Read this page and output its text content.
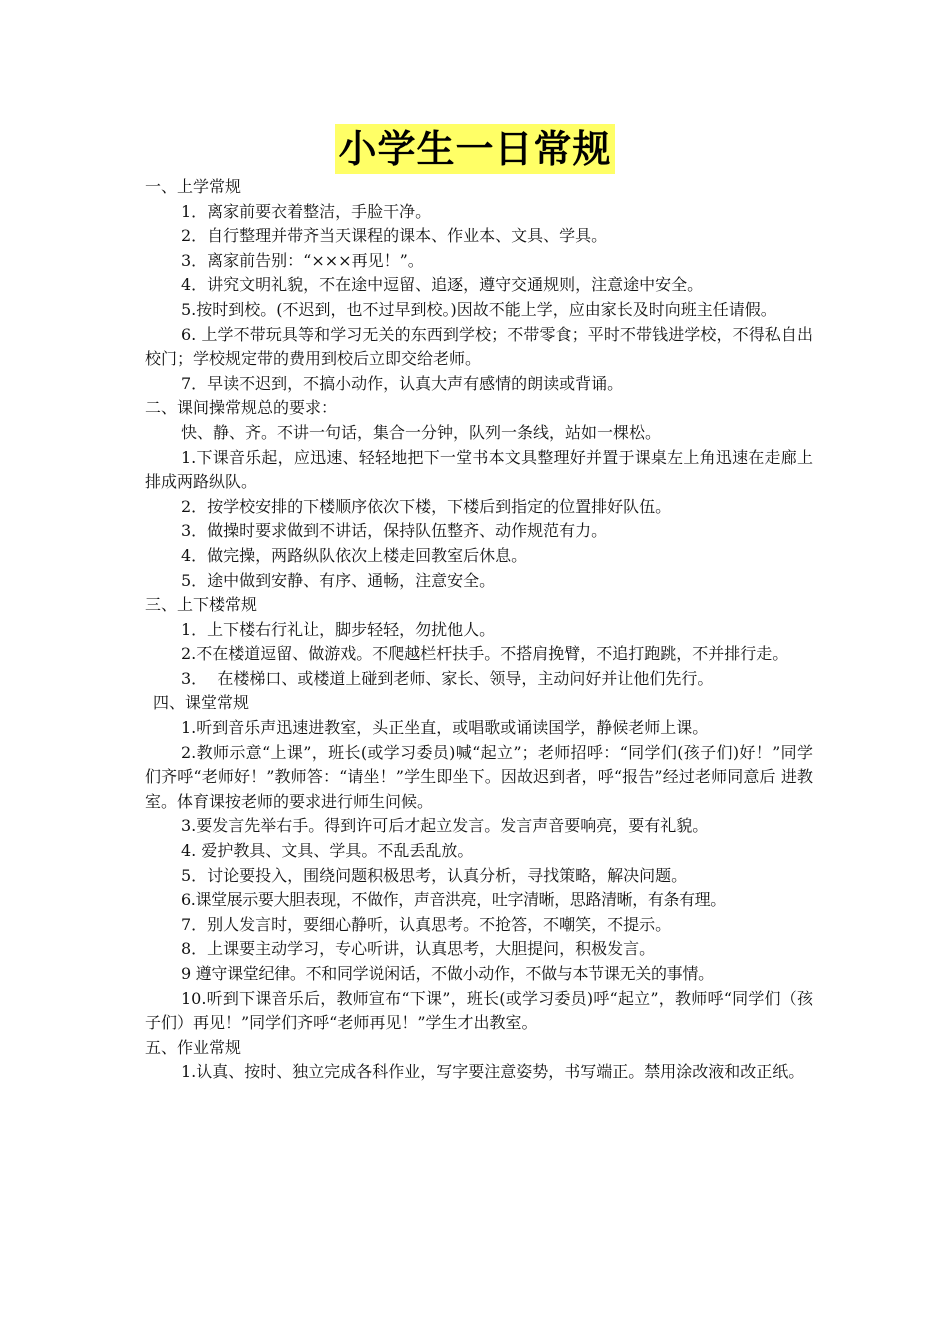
小学生一日常规
一、上学常规
1．离家前要衣着整洁，手脸干净。
2．自行整理并带齐当天课程的课本、作业本、文具、学具。
3．离家前告别：“×××再见！”。
4．讲究文明礼貌，不在途中逗留、追逐，遵守交通规则，注意途中安全。
5.按时到校。(不迟到，也不过早到校。)因故不能上学，应由家长及时向班主任请假。
6. 上学不带玩具等和学习无关的东西到学校；不带零食；平时不带钱进学校，不得私自出校门；学校规定带的费用到校后立即交给老师。
7．早读不迟到，不搞小动作，认真大声有感情的朗读或背诵。
二、课间操常规总的要求：
快、静、齐。不讲一句话，集合一分钟，队列一条线，站如一棵松。
1.下课音乐起，应迅速、轻轻地把下一堂书本文具整理好并置于课桌左上角迅速在走廊上 排成两路纵队。
2．按学校安排的下楼顺序依次下楼，下楼后到指定的位置排好队伍。
3．做操时要求做到不讲话，保持队伍整齐、动作规范有力。
4．做完操，两路纵队依次上楼走回教室后休息。
5．途中做到安静、有序、通畅，注意安全。
三、上下楼常规
1．上下楼右行礼让，脚步轻轻，勿扰他人。
2.不在楼道逗留、做游戏。不爬越栏杆扶手。不搭肩挽臂，不追打跑跳，不并排行走。
3．  在楼梯口、或楼道上碰到老师、家长、领导，主动问好并让他们先行。
四、课堂常规
1.听到音乐声迅速进教室，头正坐直，或唱歌或诵读国学，静候老师上课。
2.教师示意“上课”，班长(或学习委员)喊“起立”；老师招呼：“同学们(孩子们)好！”同学们齐呼“老师好！”教师答：“请坐！”学生即坐下。因故迟到者，呼“报告”经过老师同意后 进教室。体育课按老师的要求进行师生问候。
3.要发言先举右手。得到许可后才起立发言。发言声音要响亮，要有礼貌。
4. 爱护教具、文具、学具。不乱丢乱放。
5．讨论要投入，围绕问题积极思考，认真分析，寻找策略，解决问题。
6.课堂展示要大胆表现，不做作，声音洪亮，吐字清晰，思路清晰，有条有理。
7．别人发言时，要细心静听，认真思考。不抢答，不嘲笑，不提示。
8．上课要主动学习，专心听讲，认真思考，大胆提问，积极发言。
9 遵守课堂纪律。不和同学说闲话，不做小动作，不做与本节课无关的事情。
10.听到下课音乐后，教师宣布“下课”，班长(或学习委员)呼“起立”，教师呼“同学们（孩子们）再见！”同学们齐呼“老师再见！”学生才出教室。
五、作业常规
1.认真、按时、独立完成各科作业，写字要注意姿势，书写端正。禁用涂改液和改正纸。
